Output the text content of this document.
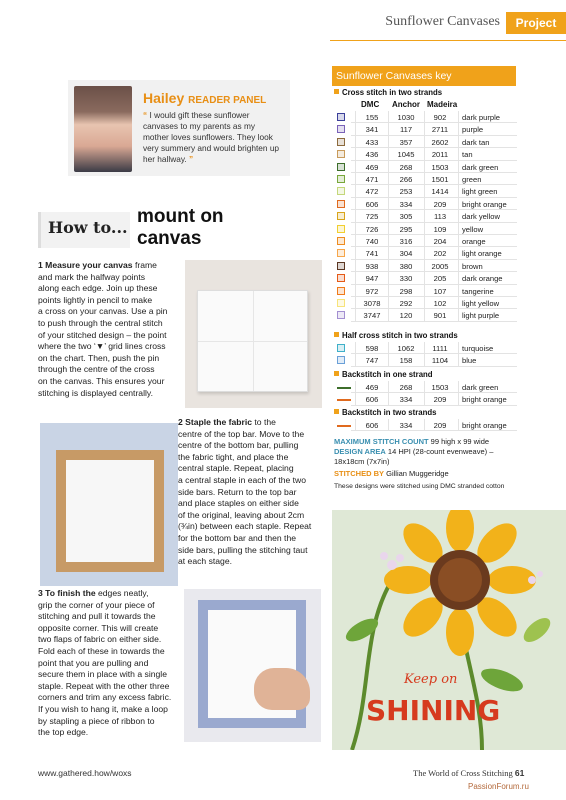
Sunflower Canvases	Project
Hailey READER PANEL
“ I would gift these sunflower canvases to my parents as my mother loves sunflowers. They look very summery and would brighten up her hallway. ”
How to...
mount on
canvas
1 Measure your canvas frame
and mark the halfway points
along each edge. Join up these
points lightly in pencil to make
a cross on your canvas. Use a pin
to push through the central stitch
of your stitched design – the point
where the two ‘▼’ grid lines cross
on the chart. Then, push the pin
through the centre of the cross
on the canvas. This ensures your
stitching is displayed centrally.
2 Staple the fabric to the
centre of the top bar. Move to the
centre of the bottom bar, pulling
the fabric tight, and place the
central staple. Repeat, placing
a central staple in each of the two
side bars. Return to the top bar
and place staples on either side
of the original, leaving about 2cm
(¾in) between each staple. Repeat
for the bottom bar and then the
side bars, pulling the stitching taut
at each stage.
3 To finish the edges neatly,
grip the corner of your piece of
stitching and pull it towards the
opposite corner. This will create
two flaps of fabric on either side.
Fold each of these in towards the
point that you are pulling and
secure them in place with a single
staple. Repeat with the other three
corners and trim any excess fabric.
If you wish to hang it, make a loop
by stapling a piece of ribbon to
the top edge.
Sunflower Canvases key
Cross stitch in two strands
DMC Anchor Madeira
155	1030	902	dark purple
341	117	2711	purple
433	357	2602	dark tan
436	1045	2011	tan
469	268	1503	dark green
471	266	1501	green
472	253	1414	light green
606	334	209	bright orange
725	305	113	dark yellow
726	295	109	yellow
740	316	204	orange
741	304	202	light orange
938	380	2005	brown
947	330	205	dark orange
972	298	107	tangerine
3078	292	102	light yellow
3747	120	901	light purple
Half cross stitch in two strands
598	1062	1111	turquoise
747	158	1104	blue
Backstitch in one strand
469	268	1503	dark green
606	334	209	bright orange
Backstitch in two strands
606	334	209	bright orange
MAXIMUM STITCH COUNT 99 high x 99 wide
DESIGN AREA 14 HPI (28-count evenweave) –
18x18cm (7x7in)
STITCHED BY Gillian Muggeridge
These designs were stitched using DMC stranded cotton
Keep on
SHINING
www.gathered.how/woxs	The World of Cross Stitching 61
PassionForum.ru
